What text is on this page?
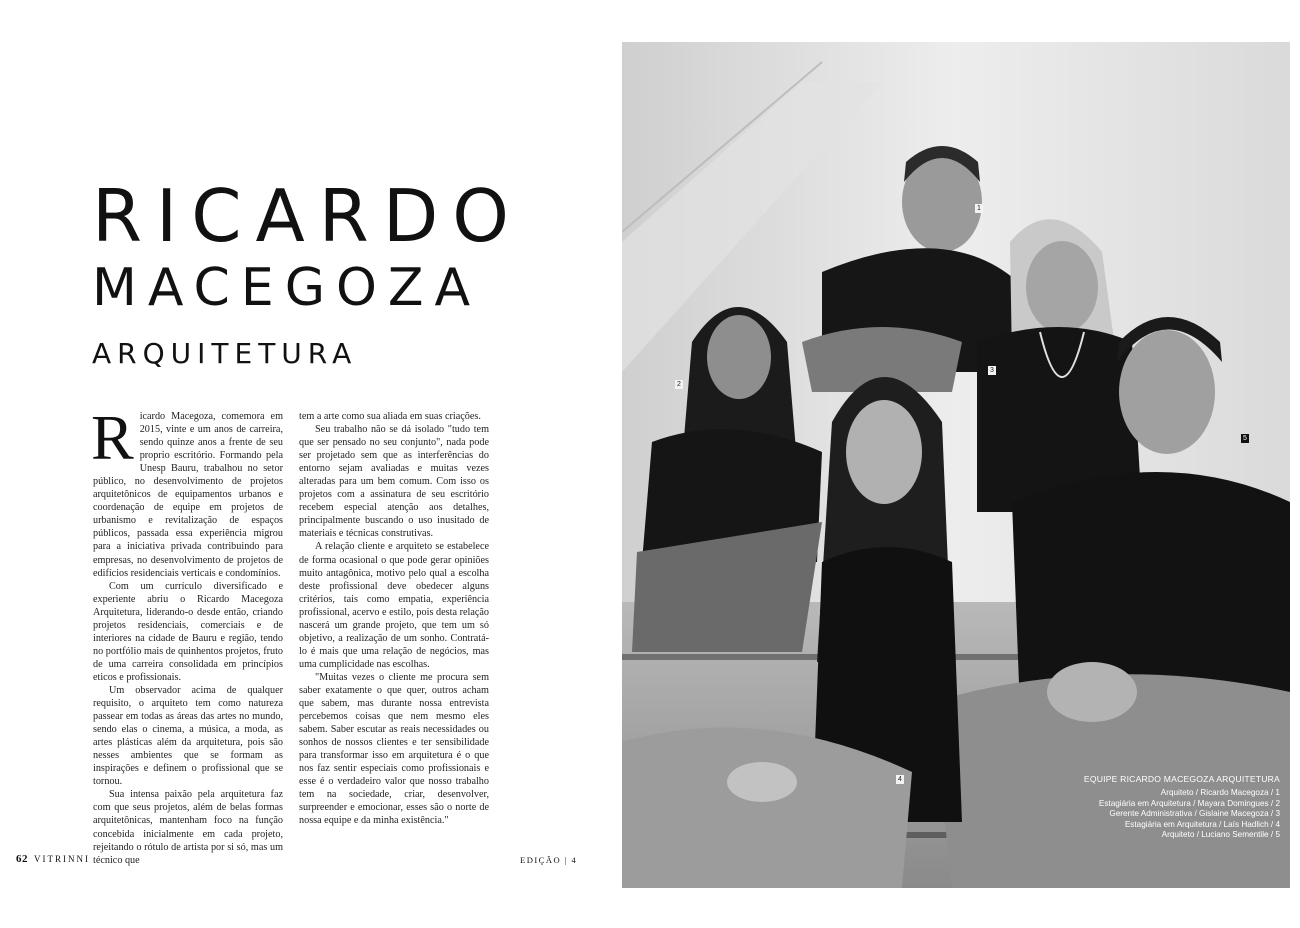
RICARDO
MACEGOZA
ARQUITETURA

Ricardo Macegoza, comemora em 2015, vinte e um anos de carreira, sendo quinze anos a frente de seu proprio escritório. Formando pela Unesp Bauru, trabalhou no setor público, no desenvolvimento de projetos arquitetônicos de equipamentos urbanos e coordenação de equipe em projetos de urbanismo e revitalização de espaços públicos, passada essa experiência migrou para a iniciativa privada contribuindo para empresas, no desenvolvimento de projetos de edifícios residenciais verticais e condomínios.

Com um currículo diversificado e experiente abriu o Ricardo Macegoza Arquitetura, liderando-o desde então, criando projetos residenciais, comerciais e de interiores na cidade de Bauru e região, tendo no portfólio mais de quinhentos projetos, fruto de uma carreira consolidada em princípios eticos e profissionais.

Um observador acima de qualquer requisito, o arquiteto tem como natureza passear em todas as áreas das artes no mundo, sendo elas o cinema, a música, a moda, as artes plásticas além da arquitetura, pois são nesses ambientes que se formam as inspirações e definem o profissional que se tornou.

Sua intensa paixão pela arquitetura faz com que seus projetos, além de belas formas arquitetônicas, mantenham foco na função concebida inicialmente em cada projeto, rejeitando o rótulo de artista por si só, mas um técnico que

tem a arte como sua aliada em suas criações.

Seu trabalho não se dá isolado "tudo tem que ser pensado no seu conjunto", nada pode ser projetado sem que as interferências do entorno sejam avaliadas e muitas vezes alteradas para um bem comum. Com isso os projetos com a assinatura de seu escritório recebem especial atenção aos detalhes, principalmente buscando o uso inusitado de materiais e técnicas construtivas.

A relação cliente e arquiteto se estabelece de forma ocasional o que pode gerar opiniões muito antagônica, motivo pelo qual a escolha deste profissional deve obedecer alguns critérios, tais como empatia, experiência profissional, acervo e estilo, pois desta relação nascerá um grande projeto, que tem um só objetivo, a realização de um sonho. Contratá-lo é mais que uma relação de negócios, mas uma cumplicidade nas escolhas.

"Muitas vezes o cliente me procura sem saber exatamente o que quer, outros acham que sabem, mas durante nossa entrevista percebemos coisas que nem mesmo eles sabem. Saber escutar as reais necessidades ou sonhos de nossos clientes e ter sensibilidade para transformar isso em arquitetura é o que nos faz sentir especiais como profissionais e esse é o verdadeiro valor que nosso trabalho tem na sociedade, criar, desenvolver, surpreender e emocionar, esses são o norte de nossa equipe e da minha existência."

62 VITRINNI	EDIÇÃO | 4
1
2
3
4
5
EQUIPE RICARDO MACEGOZA ARQUITETURA
Arquiteto / Ricardo Macegoza / 1
Estagiária em Arquitetura / Mayara Domingues / 2
Gerente Administrativa / Gislaine Macegoza / 3
Estagiária em Arquitetura / Laís Hadlich / 4
Arquiteto / Luciano Sementile / 5
